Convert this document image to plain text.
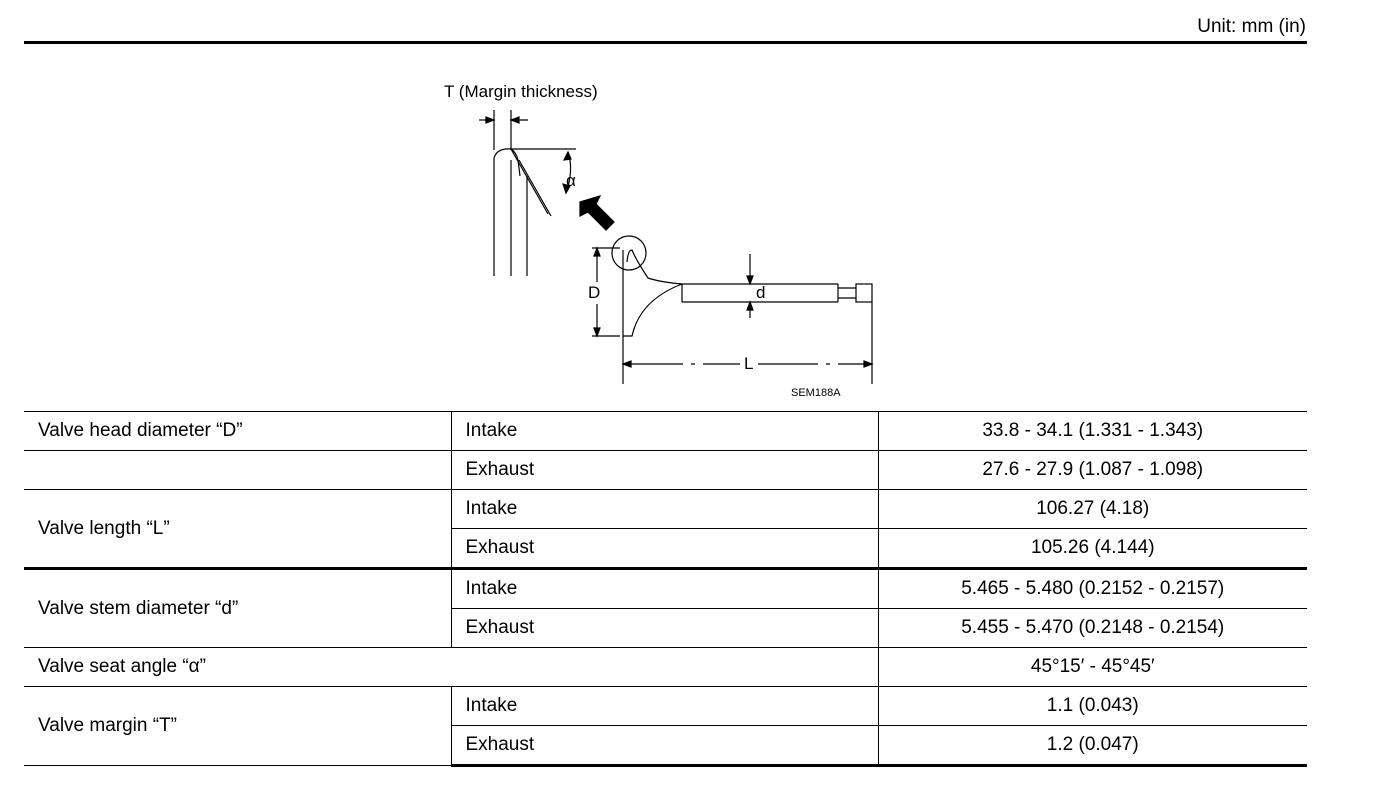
Unit: mm (in)
T (Margin thickness)
α
D	d
L
SEM188A
Valve head diameter “D”	Intake	33.8 - 34.1 (1.331 - 1.343)
	Exhaust	27.6 - 27.9 (1.087 - 1.098)
Valve length “L”	Intake	106.27 (4.18)
	Exhaust	105.26 (4.144)
Valve stem diameter “d”	Intake	5.465 - 5.480 (0.2152 - 0.2157)
	Exhaust	5.455 - 5.470 (0.2148 - 0.2154)
Valve seat angle “α”		45°15′ - 45°45′
Valve margin “T”	Intake	1.1 (0.043)
	Exhaust	1.2 (0.047)
